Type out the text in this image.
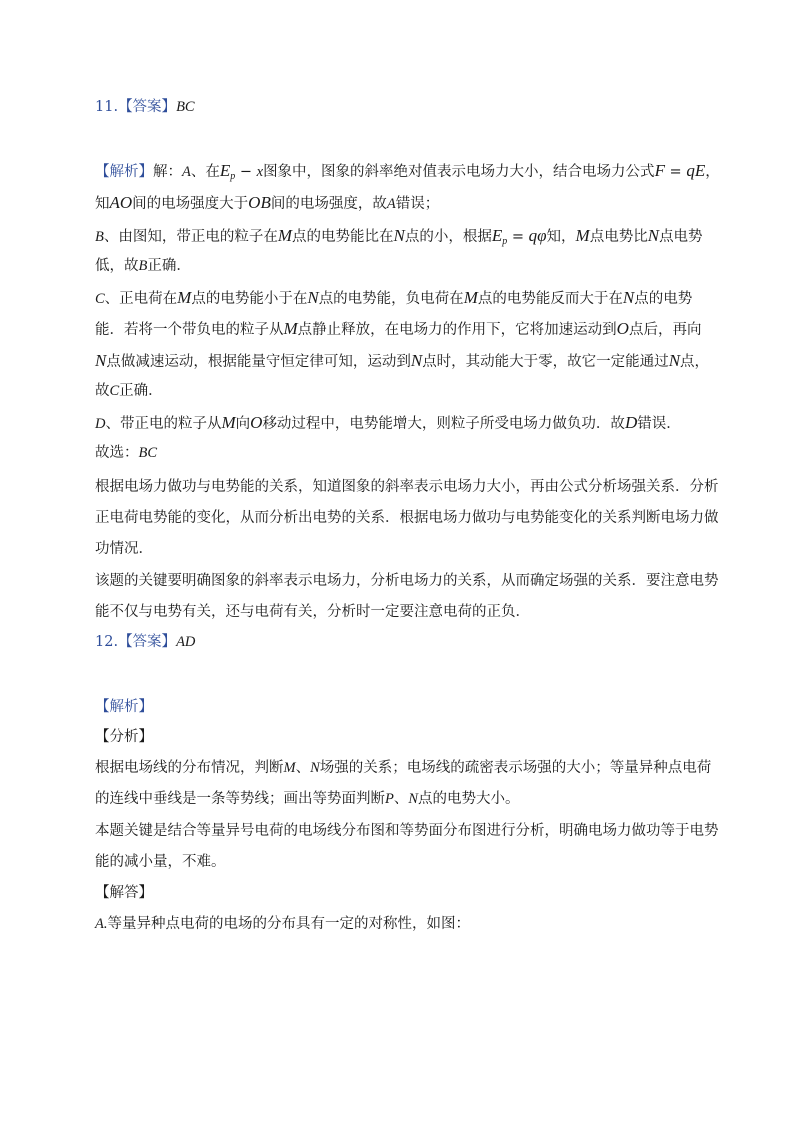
11.【答案】BC
【解析】解：A、在$E_p - x$图象中，图象的斜率绝对值表示电场力大小，结合电场力公式F = qE，
知AO间的电场强度大于OB间的电场强度，故A错误；
B、由图知，带正电的粒子在M点的电势能比在N点的小，根据$E_p = q\varphi$知，M点电势比N点电势
低，故B正确．
C、正电荷在M点的电势能小于在N点的电势能，负电荷在M点的电势能反而大于在N点的电势
能．若将一个带负电的粒子从M点静止释放，在电场力的作用下，它将加速运动到O点后，再向
N点做减速运动，根据能量守恒定律可知，运动到N点时，其动能大于零，故它一定能通过N点，
故C正确．
D、带正电的粒子从M向O移动过程中，电势能增大，则粒子所受电场力做负功．故D错误．
故选：BC
根据电场力做功与电势能的关系，知道图象的斜率表示电场力大小，再由公式分析场强关系．分析
正电荷电势能的变化，从而分析出电势的关系．根据电场力做功与电势能变化的关系判断电场力做
功情况．
该题的关键要明确图象的斜率表示电场力，分析电场力的关系，从而确定场强的关系．要注意电势
能不仅与电势有关，还与电荷有关，分析时一定要注意电荷的正负．
12.【答案】AD
【解析】
【分析】
根据电场线的分布情况，判断M、N场强的关系；电场线的疏密表示场强的大小；等量异种点电荷
的连线中垂线是一条等势线；画出等势面判断P、N点的电势大小。
本题关键是结合等量异号电荷的电场线分布图和等势面分布图进行分析，明确电场力做功等于电势
能的减小量，不难。
【解答】
A.等量异种点电荷的电场的分布具有一定的对称性，如图：
